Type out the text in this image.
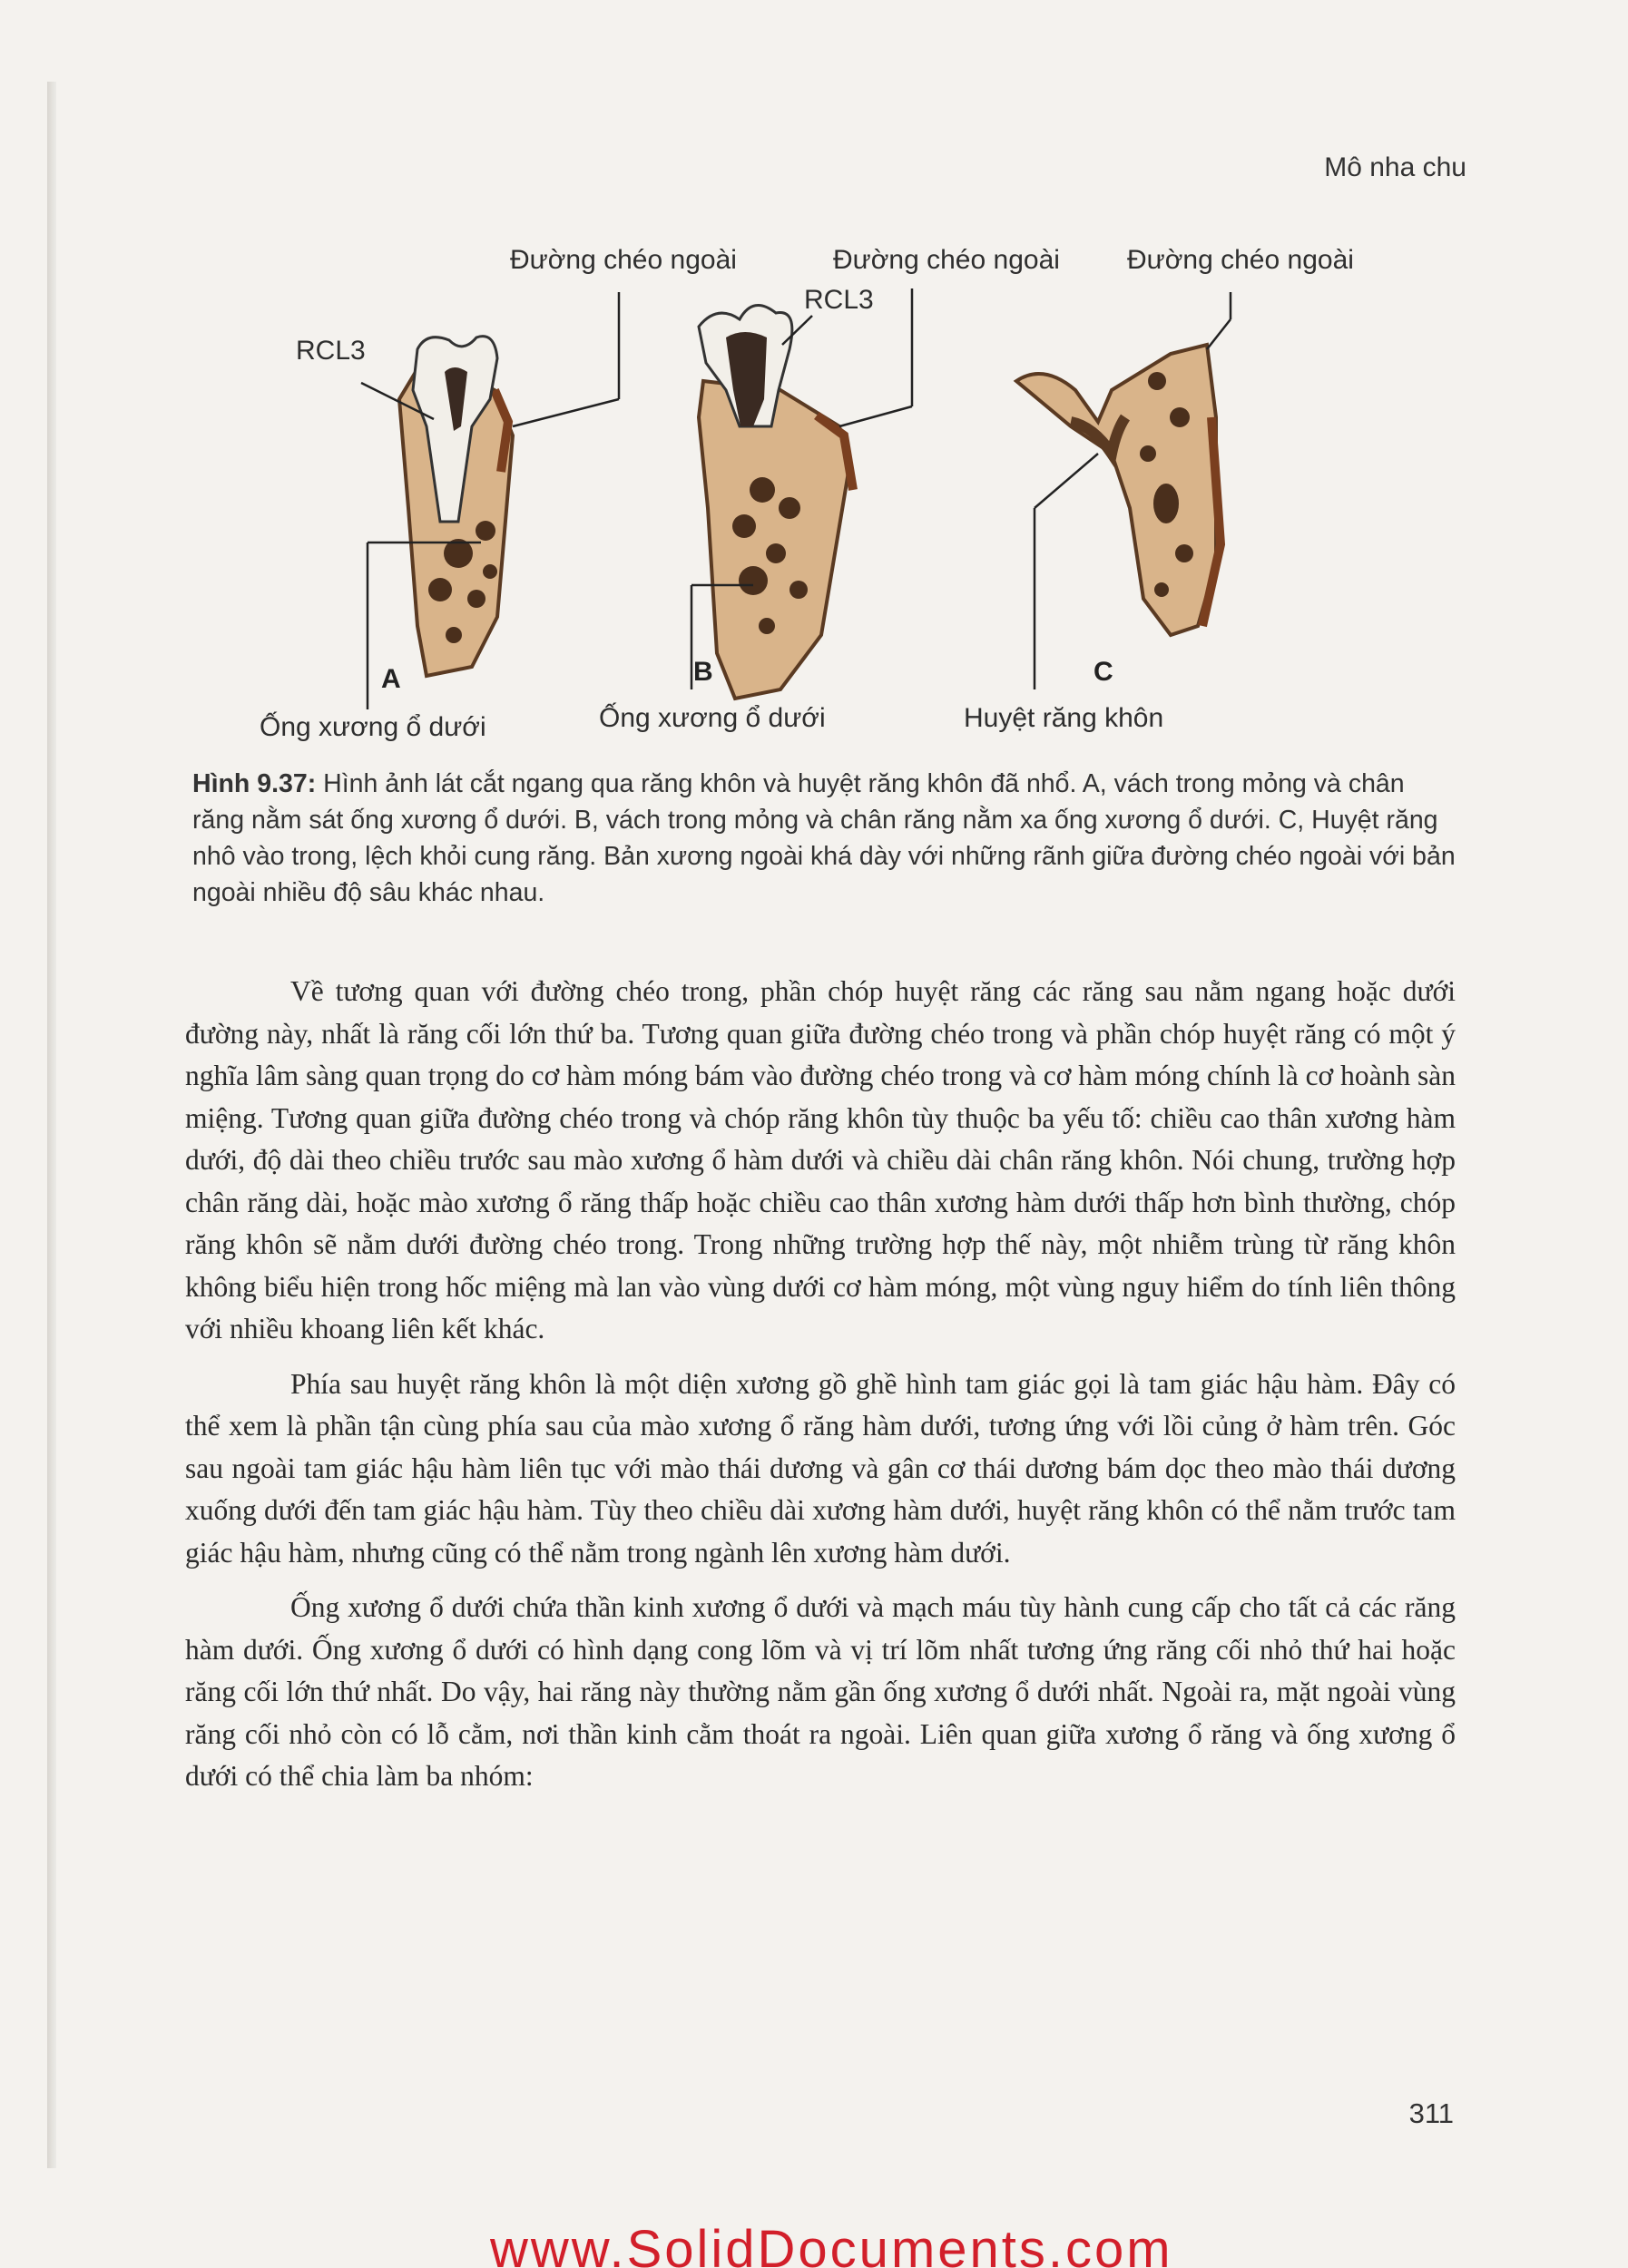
Mô nha chu
Đường chéo ngoài	Đường chéo ngoài Đường chéo ngoài
RCL3
RCL3
A	B	C
Ống xương ổ dưới	Ống xương ổ dưới	Huyệt răng khôn
Hình 9.37: Hình ảnh lát cắt ngang qua răng khôn và huyệt răng khôn đã nhổ. A, vách trong mỏng và chân răng nằm sát ống xương ổ dưới. B, vách trong mỏng và chân răng nằm xa ống xương ổ dưới. C, Huyệt răng nhô vào trong, lệch khỏi cung răng. Bản xương ngoài khá dày với những rãnh giữa đường chéo ngoài với bản ngoài nhiều độ sâu khác nhau.

Về tương quan với đường chéo trong, phần chóp huyệt răng các răng sau nằm ngang hoặc dưới đường này, nhất là răng cối lớn thứ ba. Tương quan giữa đường chéo trong và phần chóp huyệt răng có một ý nghĩa lâm sàng quan trọng do cơ hàm móng bám vào đường chéo trong và cơ hàm móng chính là cơ hoành sàn miệng. Tương quan giữa đường chéo trong và chóp răng khôn tùy thuộc ba yếu tố: chiều cao thân xương hàm dưới, độ dài theo chiều trước sau mào xương ổ hàm dưới và chiều dài chân răng khôn. Nói chung, trường hợp chân răng dài, hoặc mào xương ổ răng thấp hoặc chiều cao thân xương hàm dưới thấp hơn bình thường, chóp răng khôn sẽ nằm dưới đường chéo trong. Trong những trường hợp thế này, một nhiễm trùng từ răng khôn không biểu hiện trong hốc miệng mà lan vào vùng dưới cơ hàm móng, một vùng nguy hiểm do tính liên thông với nhiều khoang liên kết khác.

Phía sau huyệt răng khôn là một diện xương gồ ghề hình tam giác gọi là tam giác hậu hàm. Đây có thể xem là phần tận cùng phía sau của mào xương ổ răng hàm dưới, tương ứng với lồi củng ở hàm trên. Góc sau ngoài tam giác hậu hàm liên tục với mào thái dương và gân cơ thái dương bám dọc theo mào thái dương xuống dưới đến tam giác hậu hàm. Tùy theo chiều dài xương hàm dưới, huyệt răng khôn có thể nằm trước tam giác hậu hàm, nhưng cũng có thể nằm trong ngành lên xương hàm dưới.

Ống xương ổ dưới chứa thần kinh xương ổ dưới và mạch máu tùy hành cung cấp cho tất cả các răng hàm dưới. Ống xương ổ dưới có hình dạng cong lõm và vị trí lõm nhất tương ứng răng cối nhỏ thứ hai hoặc răng cối lớn thứ nhất. Do vậy, hai răng này thường nằm gần ống xương ổ dưới nhất. Ngoài ra, mặt ngoài vùng răng cối nhỏ còn có lỗ cằm, nơi thần kinh cằm thoát ra ngoài. Liên quan giữa xương ổ răng và ống xương ổ dưới có thể chia làm ba nhóm:

311
www.SolidDocuments.com
